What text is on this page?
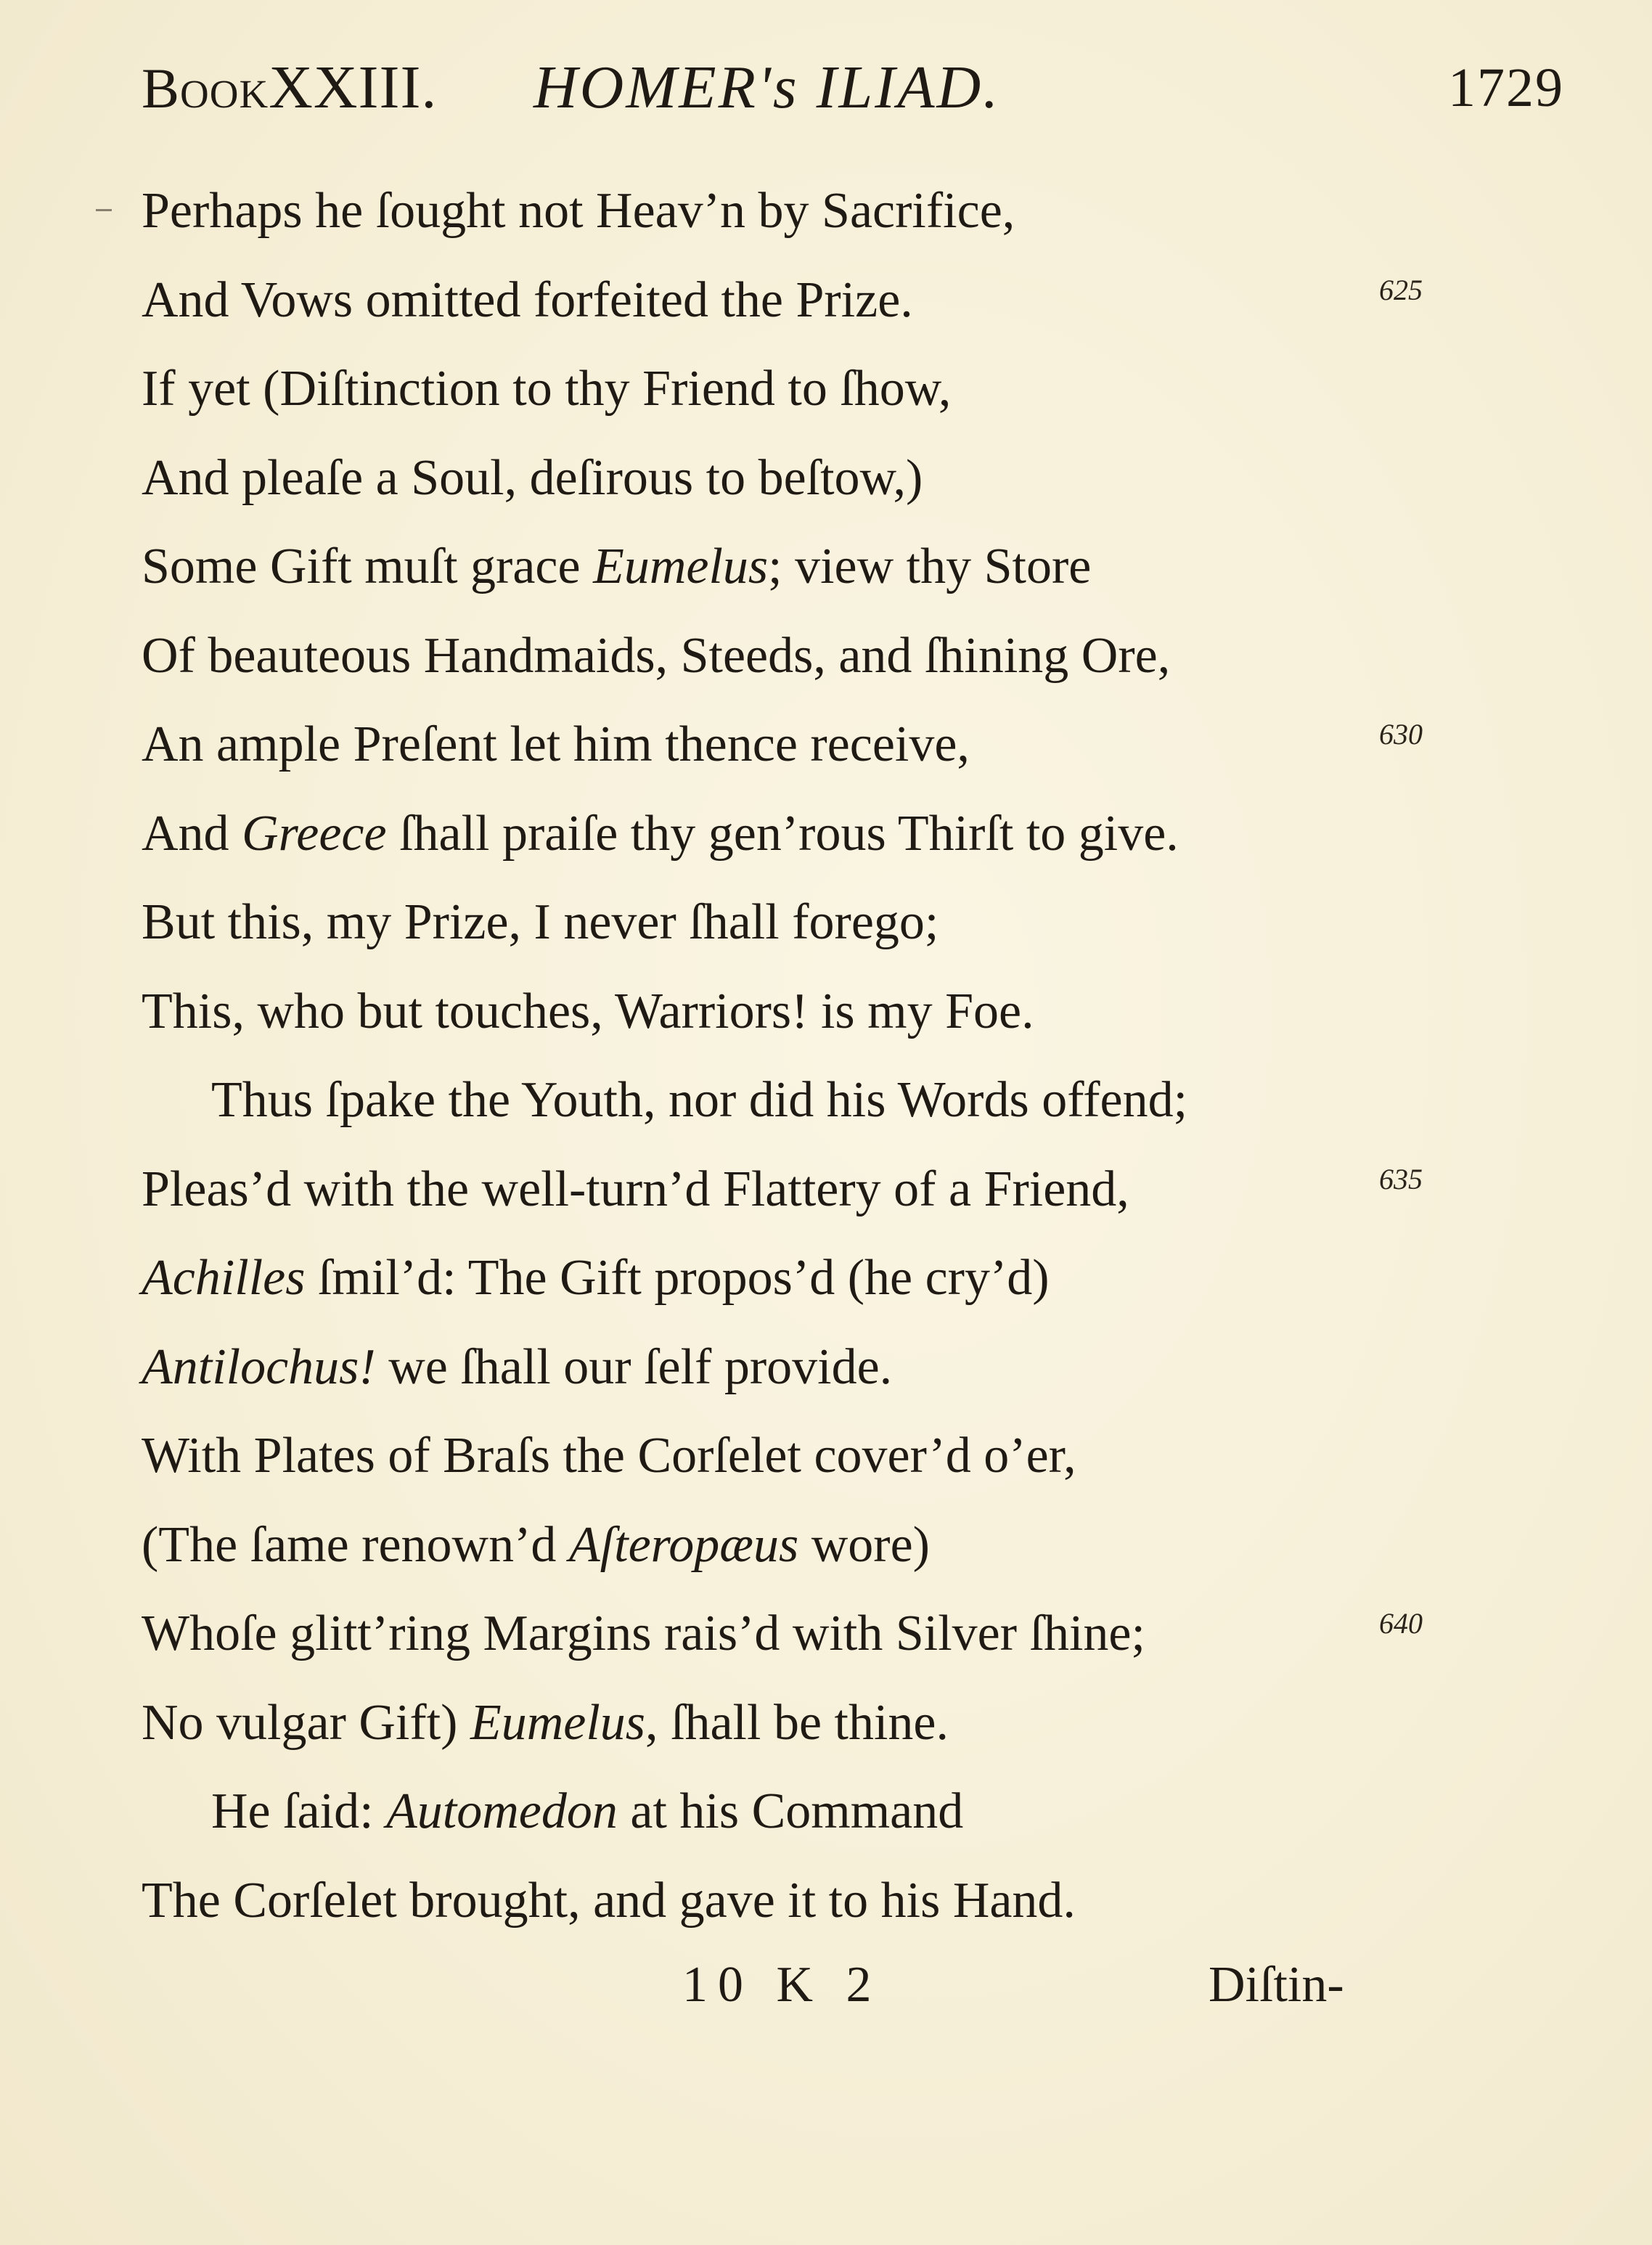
BookXXIII. HOMER's ILIAD.	1729
Perhaps he ſought not Heav’n by Sacrifice,
And Vows omitted forfeited the Prize.	625
If yet (Diſtinction to thy Friend to ſhow,
And pleaſe a Soul, deſirous to beſtow,)
Some Gift muſt grace Eumelus; view thy Store
Of beauteous Handmaids, Steeds, and ſhining Ore,
An ample Preſent let him thence receive,	630
And Greece ſhall praiſe thy gen’rous Thirſt to give.
But this, my Prize, I never ſhall forego;
This, who but touches, Warriors! is my Foe.
Thus ſpake the Youth, nor did his Words offend;
Pleas’d with the well-turn’d Flattery of a Friend,	635
Achilles ſmil’d: The Gift propos’d (he cry’d)
Antilochus! we ſhall our ſelf provide.
With Plates of Braſs the Corſelet cover’d o’er,
(The ſame renown’d Aſteropæus wore)
Whoſe glitt’ring Margins rais’d with Silver ſhine;	640
No vulgar Gift) Eumelus, ſhall be thine.
He ſaid: Automedon at his Command
The Corſelet brought, and gave it to his Hand.
10 K 2	Diſtin-
